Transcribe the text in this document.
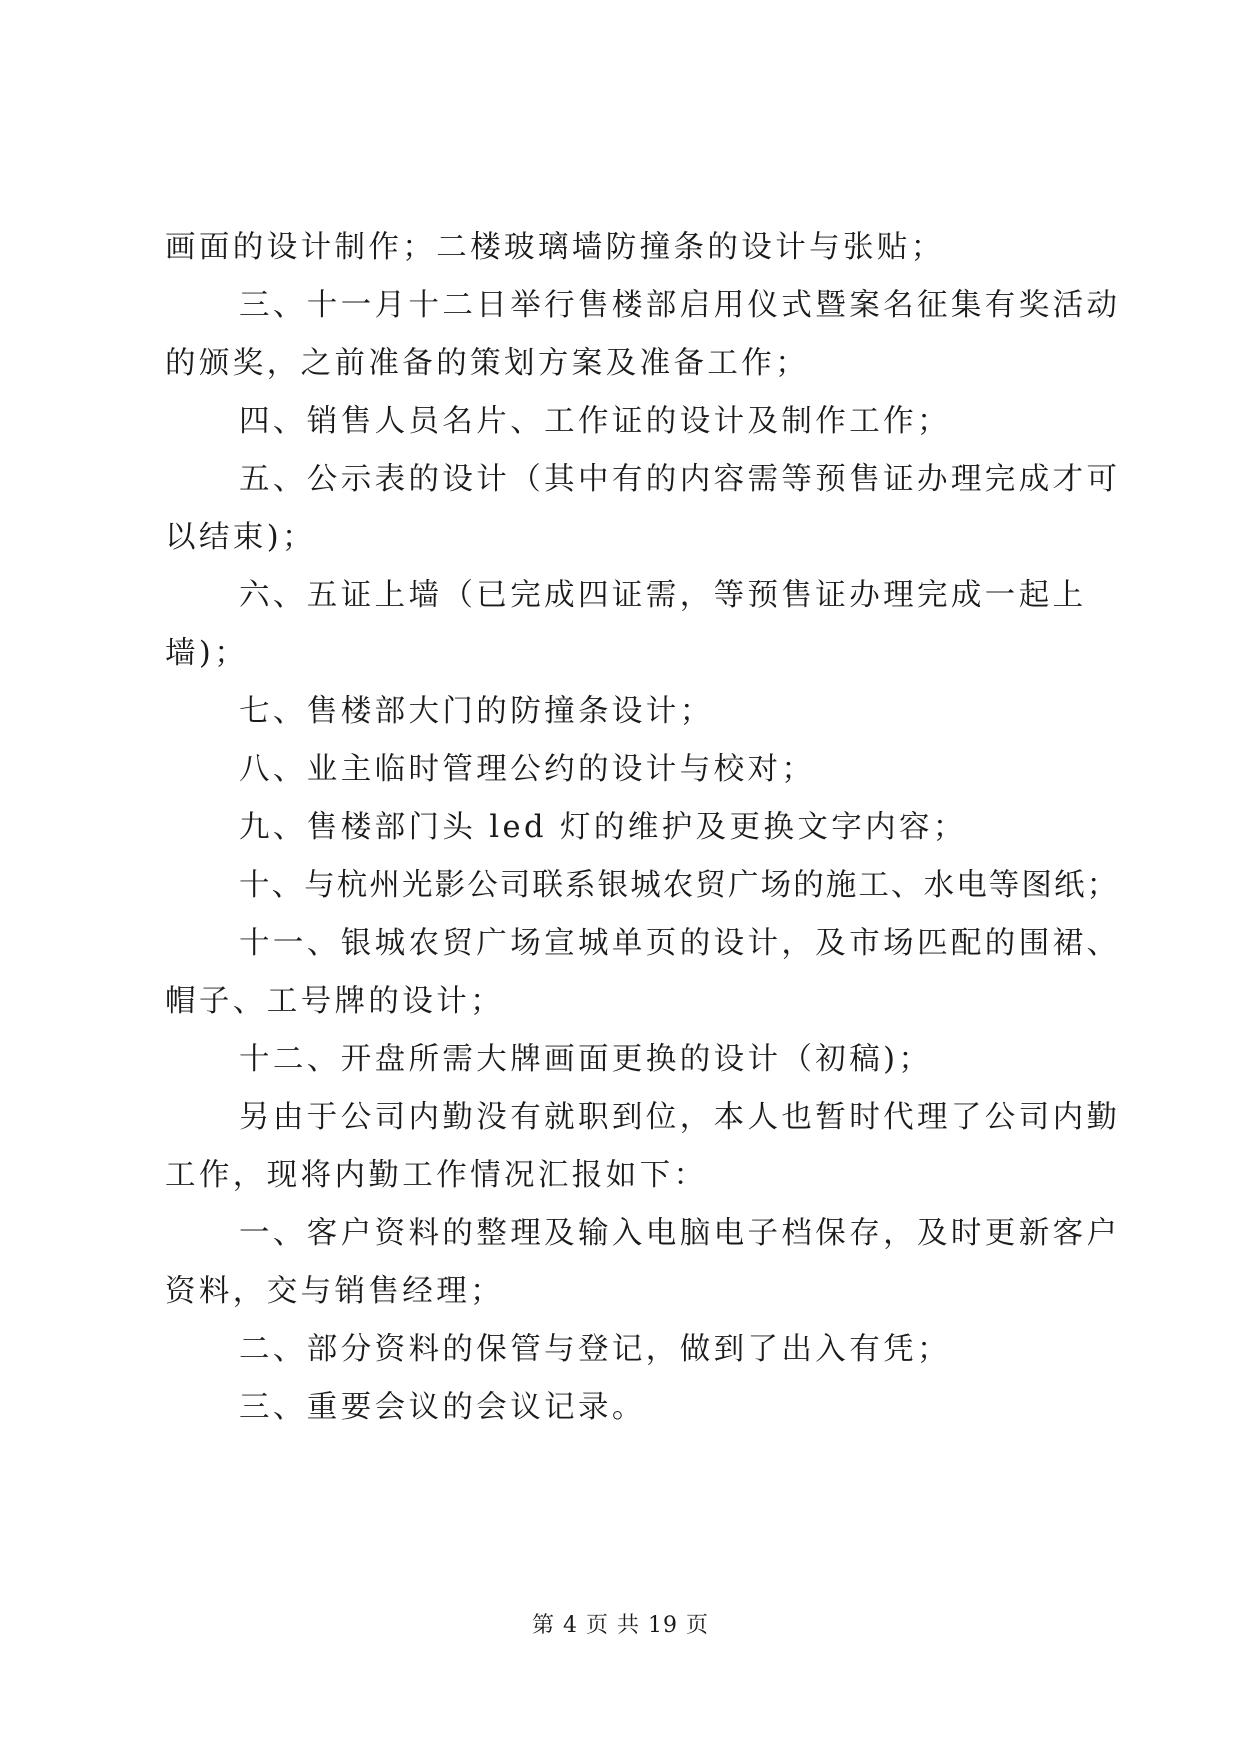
画面的设计制作；二楼玻璃墙防撞条的设计与张贴；
三、十一月十二日举行售楼部启用仪式暨案名征集有奖活动
的颁奖，之前准备的策划方案及准备工作；
四、销售人员名片、工作证的设计及制作工作；
五、公示表的设计（其中有的内容需等预售证办理完成才可
以结束)；
六、五证上墙（已完成四证需，等预售证办理完成一起上
墙)；
七、售楼部大门的防撞条设计；
八、业主临时管理公约的设计与校对；
九、售楼部门头 led 灯的维护及更换文字内容；
十、与杭州光影公司联系银城农贸广场的施工、水电等图纸；
十一、银城农贸广场宣城单页的设计，及市场匹配的围裙、
帽子、工号牌的设计；
十二、开盘所需大牌画面更换的设计（初稿)；
另由于公司内勤没有就职到位，本人也暂时代理了公司内勤
工作，现将内勤工作情况汇报如下：
一、客户资料的整理及输入电脑电子档保存，及时更新客户
资料，交与销售经理；
二、部分资料的保管与登记，做到了出入有凭；
三、重要会议的会议记录。
第 4 页 共 19 页
